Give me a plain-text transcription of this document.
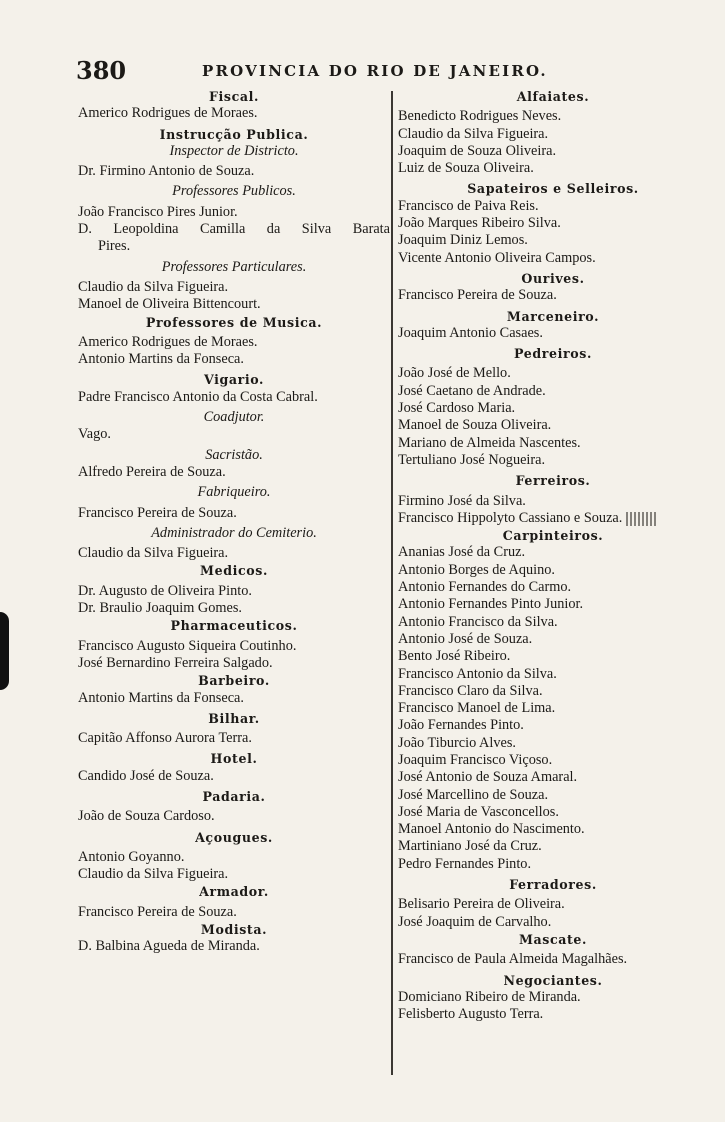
380	PROVINCIA DO RIO DE JANEIRO.
Fiscal.
Americo Rodrigues de Moraes.
Instrucção Publica.
Inspector de Districto.
Dr. Firmino Antonio de Souza.
Professores Publicos.
João Francisco Pires Junior.
D. Leopoldina Camilla da Silva Barata
Pires.
Professores Particulares.
Claudio da Silva Figueira.
Manoel de Oliveira Bittencourt.
Professores de Musica.
Americo Rodrigues de Moraes.
Antonio Martins da Fonseca.
Vigario.
Padre Francisco Antonio da Costa Cabral.
Coadjutor.
Vago.
Sacristão.
Alfredo Pereira de Souza.
Fabriqueiro.
Francisco Pereira de Souza.
Administrador do Cemiterio.
Claudio da Silva Figueira.
Medicos.
Dr. Augusto de Oliveira Pinto.
Dr. Braulio Joaquim Gomes.
Pharmaceuticos.
Francisco Augusto Siqueira Coutinho.
José Bernardino Ferreira Salgado.
Barbeiro.
Antonio Martins da Fonseca.
Bilhar.
Capitão Affonso Aurora Terra.
Hotel.
Candido José de Souza.
Padaria.
João de Souza Cardoso.
Açougues.
Antonio Goyanno.
Claudio da Silva Figueira.
Armador.
Francisco Pereira de Souza.
Modista.
D. Balbina Agueda de Miranda.
Alfaiates.
Benedicto Rodrigues Neves.
Claudio da Silva Figueira.
Joaquim de Souza Oliveira.
Luiz de Souza Oliveira.
Sapateiros e Selleiros.
Francisco de Paiva Reis.
João Marques Ribeiro Silva.
Joaquim Diniz Lemos.
Vicente Antonio Oliveira Campos.
Ourives.
Francisco Pereira de Souza.
Marceneiro.
Joaquim Antonio Casaes.
Pedreiros.
João José de Mello.
José Caetano de Andrade.
José Cardoso Maria.
Manoel de Souza Oliveira.
Mariano de Almeida Nascentes.
Tertuliano José Nogueira.
Ferreiros.
Firmino José da Silva.
Francisco Hippolyto Cassiano e Souza.
Carpinteiros.
Ananias José da Cruz.
Antonio Borges de Aquino.
Antonio Fernandes do Carmo.
Antonio Fernandes Pinto Junior.
Antonio Francisco da Silva.
Antonio José de Souza.
Bento José Ribeiro.
Francisco Antonio da Silva.
Francisco Claro da Silva.
Francisco Manoel de Lima.
João Fernandes Pinto.
João Tiburcio Alves.
Joaquim Francisco Viçoso.
José Antonio de Souza Amaral.
José Marcellino de Souza.
José Maria de Vasconcellos.
Manoel Antonio do Nascimento.
Martiniano José da Cruz.
Pedro Fernandes Pinto.
Ferradores.
Belisario Pereira de Oliveira.
José Joaquim de Carvalho.
Mascate.
Francisco de Paula Almeida Magalhães.
Negociantes.
Domiciano Ribeiro de Miranda.
Felisberto Augusto Terra.
